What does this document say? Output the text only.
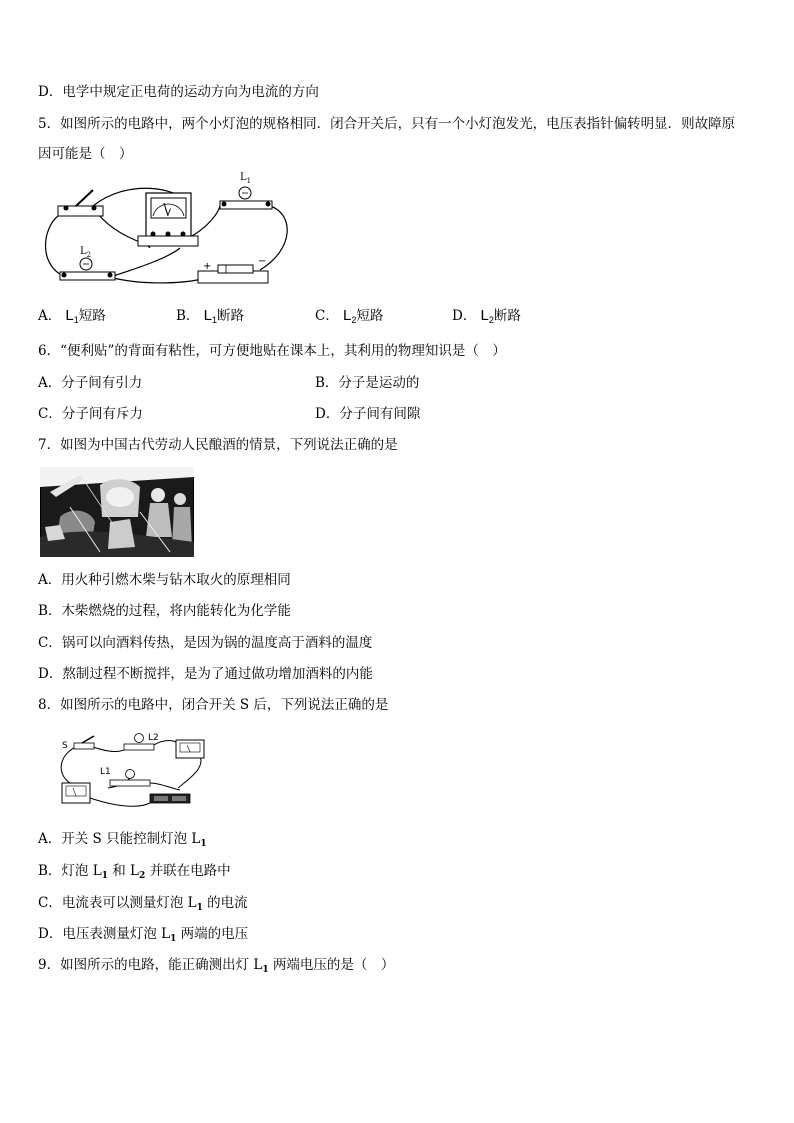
D．电学中规定正电荷的运动方向为电流的方向
5．如图所示的电路中，两个小灯泡的规格相同．闭合开关后，只有一个小灯泡发光，电压表指针偏转明显．则故障原
因可能是（　）
V
$L_1$
$L_2$
+	−
A． $L_1$短路	B． $L_1$断路	C． $L_2$短路	D． $L_2$断路
6．“便利贴”的背面有粘性，可方便地贴在课本上，其利用的物理知识是（　）
A．分子间有引力	B．分子是运动的
C．分子间有斥力	D．分子间有间隙
7．如图为中国古代劳动人民酿酒的情景，下列说法正确的是
A．用火种引燃木柴与钻木取火的原理相同
B．木柴燃烧的过程，将内能转化为化学能
C．锅可以向酒料传热，是因为锅的温度高于酒料的温度
D．熬制过程不断搅拌，是为了通过做功增加酒料的内能
8．如图所示的电路中，闭合开关 S 后，下列说法正确的是
S
L2
L1
A．开关 S 只能控制灯泡 $L_1$
B．灯泡 $L_1$ 和 $L_2$ 并联在电路中
C．电流表可以测量灯泡 $L_1$ 的电流
D．电压表测量灯泡 $L_1$ 两端的电压
9．如图所示的电路，能正确测出灯 $L_1$ 两端电压的是（　）
